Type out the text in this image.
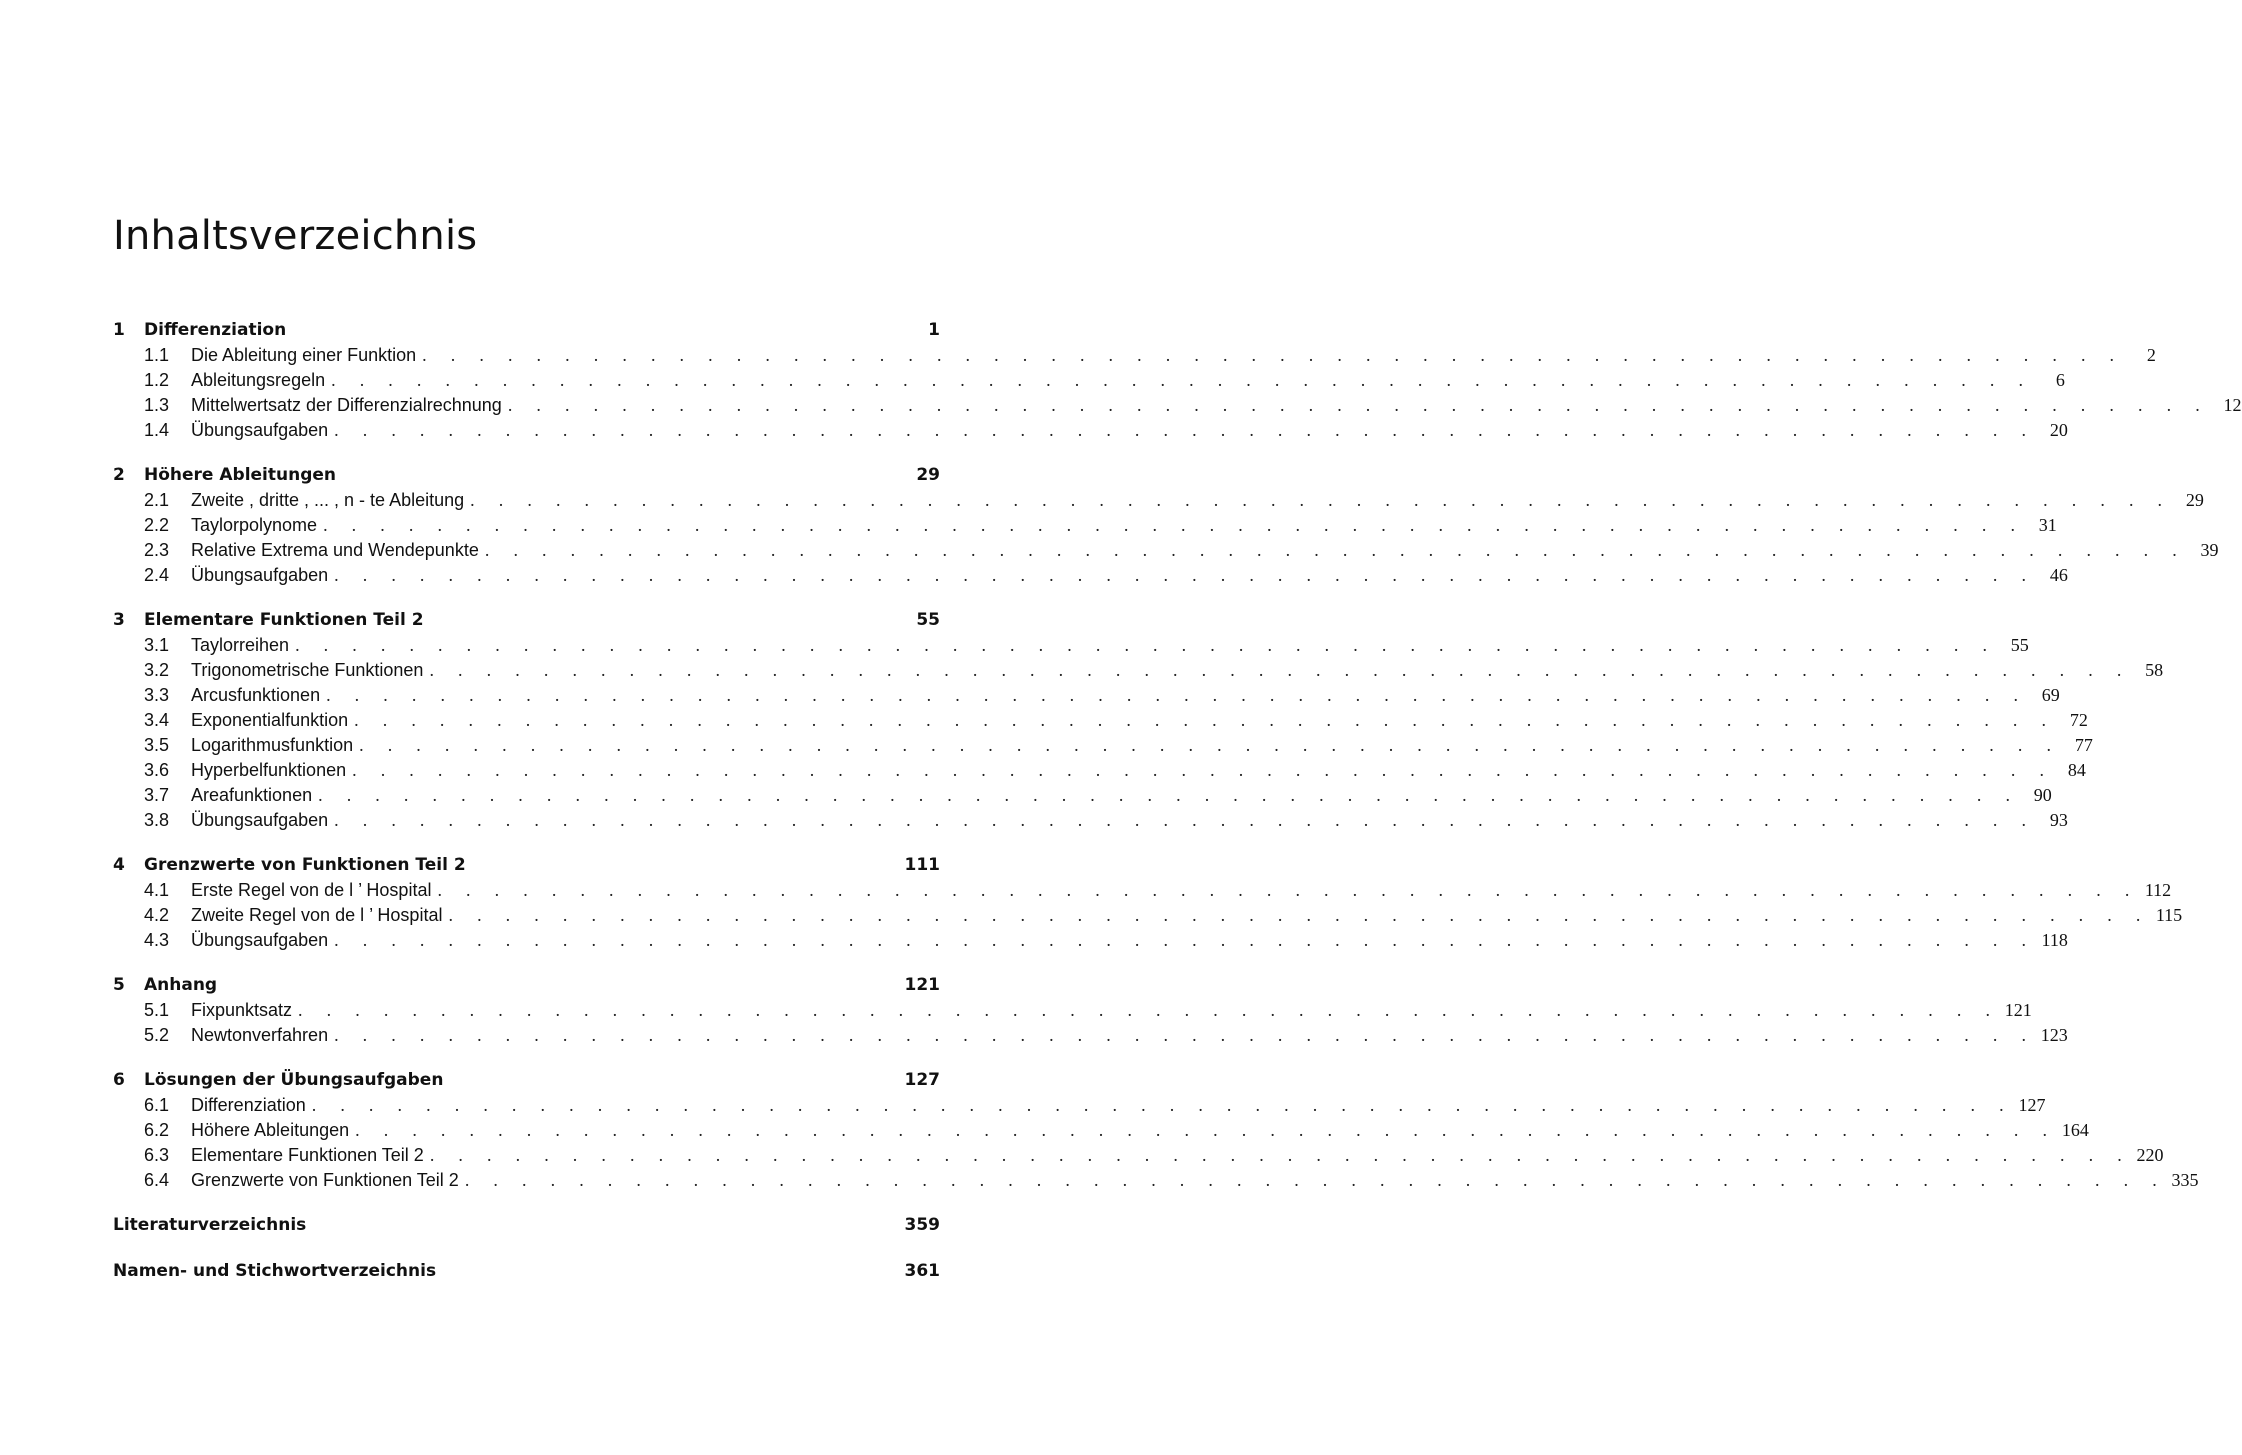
Inhaltsverzeichnis
1	Differenziation	1
1.1	Die Ableitung einer Funktion . . . . . . . . . . . . . . . . . . . . . . . . . . . . . . . . . . . . . . . . . . . . . . . . . . . . . . . . . . . .	2
1.2	Ableitungsregeln . . . . . . . . . . . . . . . . . . . . . . . . . . . . . . . . . . . . . . . . . . . . . . . . . . . . . . . . . . . .	6
1.3	Mittelwertsatz der Differenzialrechnung . . . . . . . . . . . . . . . . . . . . . . . . . . . . . . . . . . . . . . . . . . . . . . . . . . . . . . . . . . . . 12
1.4	Übungsaufgaben . . . . . . . . . . . . . . . . . . . . . . . . . . . . . . . . . . . . . . . . . . . . . . . . . . . . . . . . . . . . 20
2	Höhere Ableitungen	29
2.1	Zweite , dritte , ... , n - te Ableitung . . . . . . . . . . . . . . . . . . . . . . . . . . . . . . . . . . . . . . . . . . . . . . . . . . . . . . . . . . . . 29
2.2	Taylorpolynome . . . . . . . . . . . . . . . . . . . . . . . . . . . . . . . . . . . . . . . . . . . . . . . . . . . . . . . . . . . . 31
2.3	Relative Extrema und Wendepunkte . . . . . . . . . . . . . . . . . . . . . . . . . . . . . . . . . . . . . . . . . . . . . . . . . . . . . . . . . . . . 39
2.4	Übungsaufgaben . . . . . . . . . . . . . . . . . . . . . . . . . . . . . . . . . . . . . . . . . . . . . . . . . . . . . . . . . . . . 46
3	Elementare Funktionen Teil 2	55
3.1	Taylorreihen . . . . . . . . . . . . . . . . . . . . . . . . . . . . . . . . . . . . . . . . . . . . . . . . . . . . . . . . . . . . 55
3.2	Trigonometrische Funktionen . . . . . . . . . . . . . . . . . . . . . . . . . . . . . . . . . . . . . . . . . . . . . . . . . . . . . . . . . . . . 58
3.3	Arcusfunktionen . . . . . . . . . . . . . . . . . . . . . . . . . . . . . . . . . . . . . . . . . . . . . . . . . . . . . . . . . . . . 69
3.4	Exponentialfunktion . . . . . . . . . . . . . . . . . . . . . . . . . . . . . . . . . . . . . . . . . . . . . . . . . . . . . . . . . . . . 72
3.5	Logarithmusfunktion . . . . . . . . . . . . . . . . . . . . . . . . . . . . . . . . . . . . . . . . . . . . . . . . . . . . . . . . . . . . 77
3.6	Hyperbelfunktionen . . . . . . . . . . . . . . . . . . . . . . . . . . . . . . . . . . . . . . . . . . . . . . . . . . . . . . . . . . . . 84
3.7	Areafunktionen . . . . . . . . . . . . . . . . . . . . . . . . . . . . . . . . . . . . . . . . . . . . . . . . . . . . . . . . . . . . 90
3.8	Übungsaufgaben . . . . . . . . . . . . . . . . . . . . . . . . . . . . . . . . . . . . . . . . . . . . . . . . . . . . . . . . . . . . 93
4	Grenzwerte von Funktionen Teil 2	111
4.1	Erste Regel von de l ’ Hospital . . . . . . . . . . . . . . . . . . . . . . . . . . . . . . . . . . . . . . . . . . . . . . . . . . . . . . . . . . . . 112
4.2	Zweite Regel von de l ’ Hospital . . . . . . . . . . . . . . . . . . . . . . . . . . . . . . . . . . . . . . . . . . . . . . . . . . . . . . . . . . . . 115
4.3	Übungsaufgaben . . . . . . . . . . . . . . . . . . . . . . . . . . . . . . . . . . . . . . . . . . . . . . . . . . . . . . . . . . . . 118
5	Anhang	121
5.1	Fixpunktsatz . . . . . . . . . . . . . . . . . . . . . . . . . . . . . . . . . . . . . . . . . . . . . . . . . . . . . . . . . . . . 121
5.2	Newtonverfahren . . . . . . . . . . . . . . . . . . . . . . . . . . . . . . . . . . . . . . . . . . . . . . . . . . . . . . . . . . . . 123
6	Lösungen der Übungsaufgaben	127
6.1	Differenziation . . . . . . . . . . . . . . . . . . . . . . . . . . . . . . . . . . . . . . . . . . . . . . . . . . . . . . . . . . . . 127
6.2	Höhere Ableitungen . . . . . . . . . . . . . . . . . . . . . . . . . . . . . . . . . . . . . . . . . . . . . . . . . . . . . . . . . . . . 164
6.3	Elementare Funktionen Teil 2 . . . . . . . . . . . . . . . . . . . . . . . . . . . . . . . . . . . . . . . . . . . . . . . . . . . . . . . . . . . . 220
6.4	Grenzwerte von Funktionen Teil 2 . . . . . . . . . . . . . . . . . . . . . . . . . . . . . . . . . . . . . . . . . . . . . . . . . . . . . . . . . . . . 335
Literaturverzeichnis	359
Namen- und Stichwortverzeichnis	361
